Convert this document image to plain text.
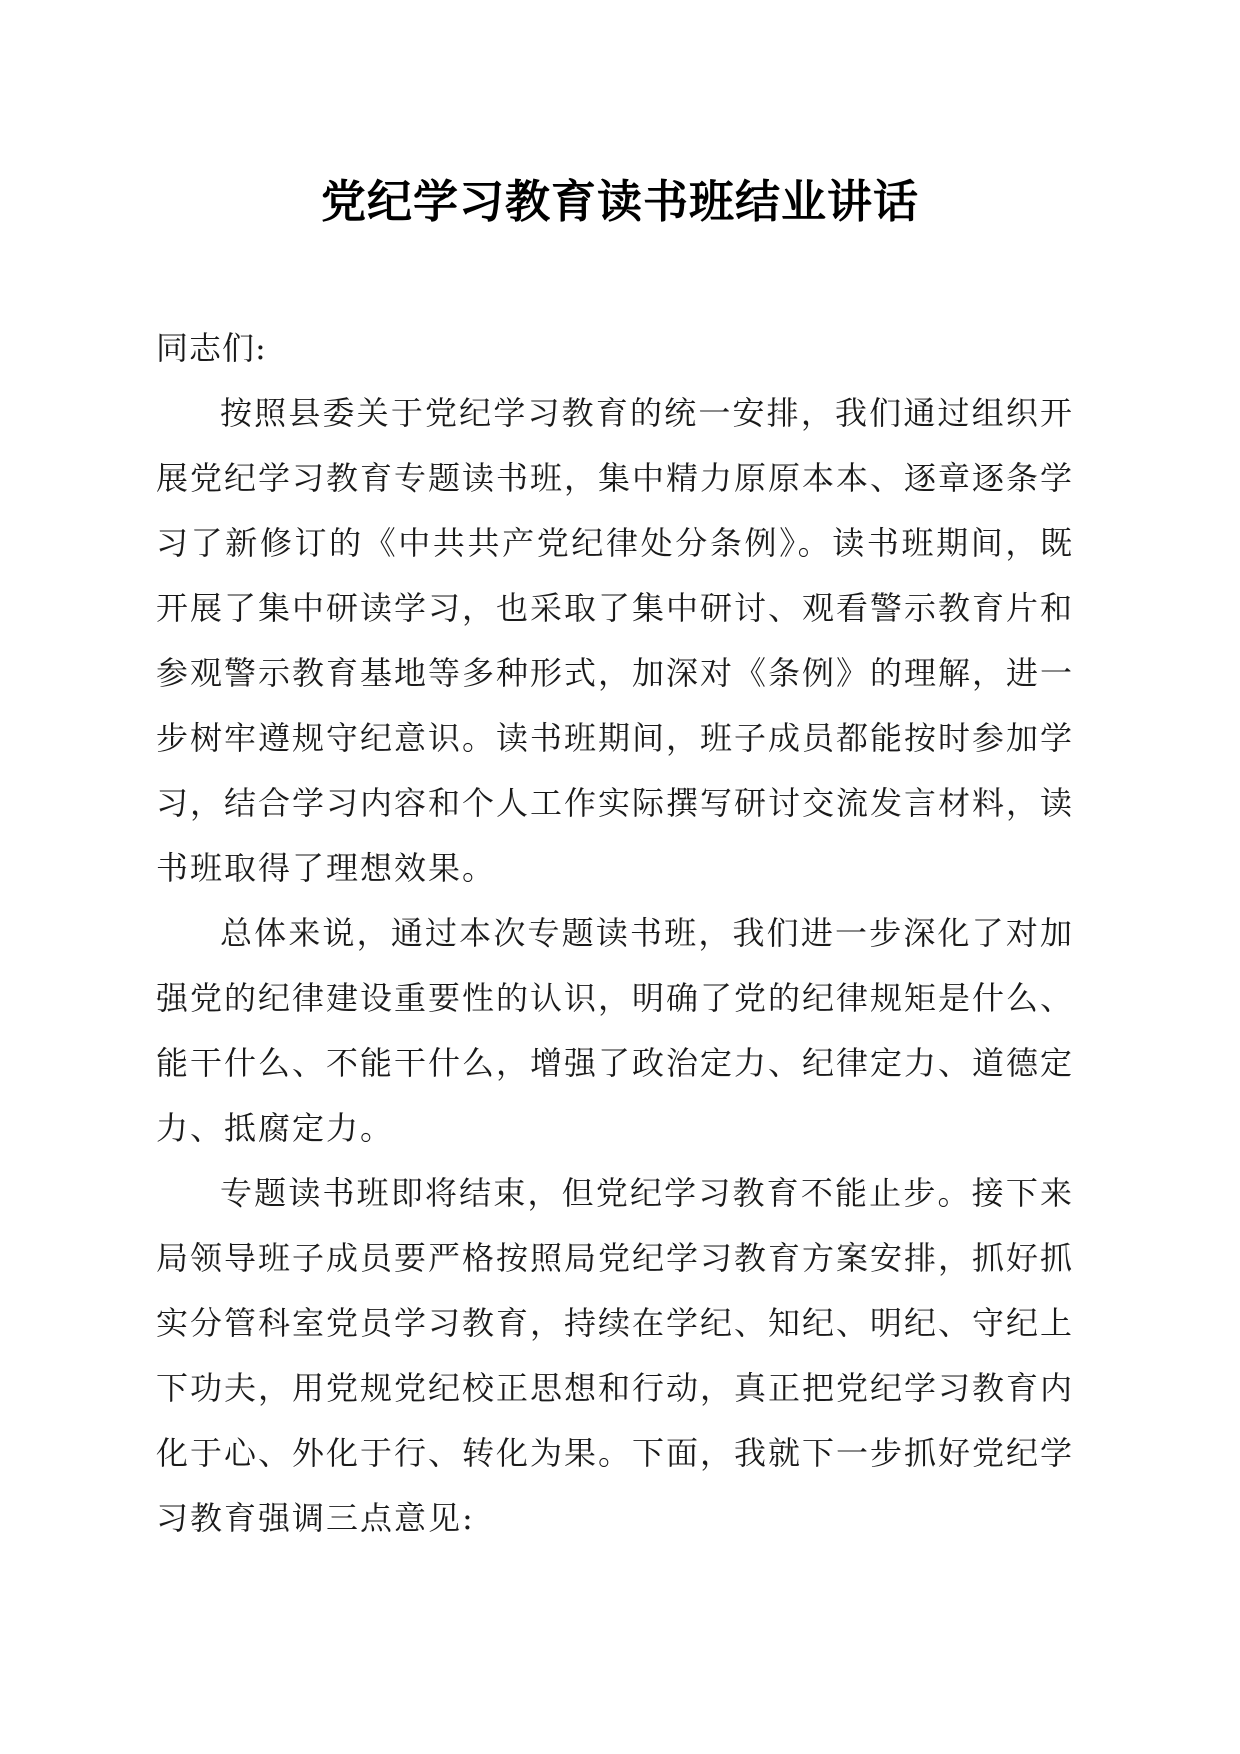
党纪学习教育读书班结业讲话

同志们:

按照县委关于党纪学习教育的统一安排，我们通过组织开展党纪学习教育专题读书班，集中精力原原本本、逐章逐条学习了新修订的《中共共产党纪律处分条例》。读书班期间，既开展了集中研读学习，也采取了集中研讨、观看警示教育片和参观警示教育基地等多种形式，加深对《条例》的理解，进一步树牢遵规守纪意识。读书班期间，班子成员都能按时参加学习，结合学习内容和个人工作实际撰写研讨交流发言材料，读书班取得了理想效果。

总体来说，通过本次专题读书班，我们进一步深化了对加强党的纪律建设重要性的认识，明确了党的纪律规矩是什么、能干什么、不能干什么，增强了政治定力、纪律定力、道德定力、抵腐定力。

专题读书班即将结束，但党纪学习教育不能止步。接下来局领导班子成员要严格按照局党纪学习教育方案安排，抓好抓实分管科室党员学习教育，持续在学纪、知纪、明纪、守纪上下功夫，用党规党纪校正思想和行动，真正把党纪学习教育内化于心、外化于行、转化为果。下面，我就下一步抓好党纪学习教育强调三点意见:
